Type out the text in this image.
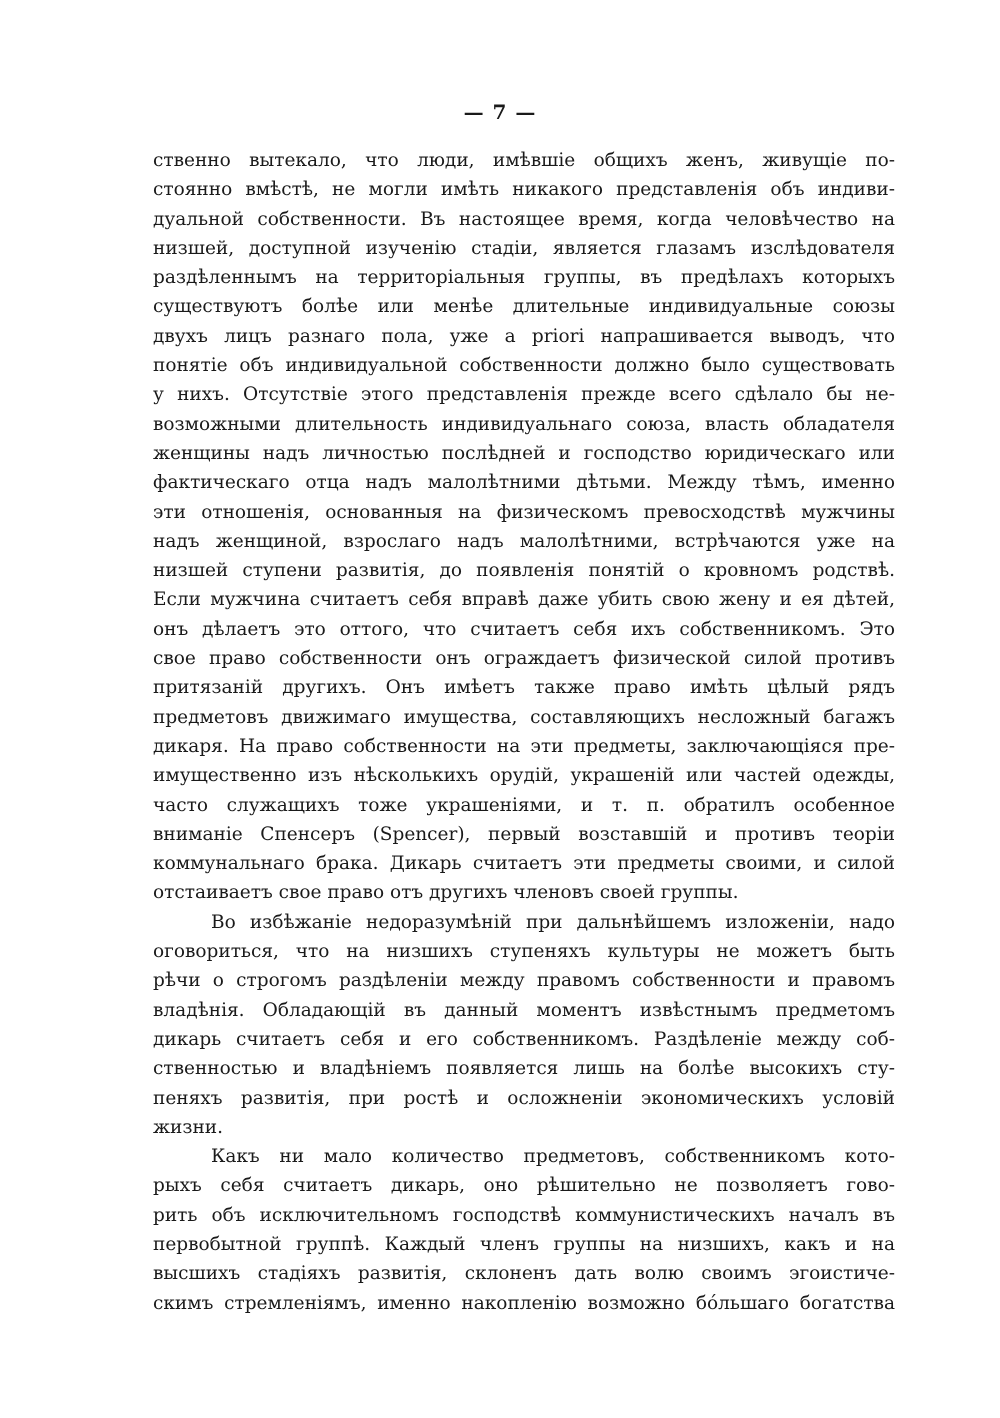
— 7 —
ственно вытекало, что люди, имѣвшіе общихъ женъ, живущіе по-
стоянно вмѣстѣ, не могли имѣть никакого представленія объ индиви-
дуальной собственности. Въ настоящее время, когда человѣчество на
низшей, доступной изученію стадіи, является глазамъ изслѣдователя
раздѣленнымъ на территоріальныя группы, въ предѣлахъ которыхъ
существуютъ болѣе или менѣе длительные индивидуальные союзы
двухъ лицъ разнаго пола, уже a priori напрашивается выводъ, что
понятіе объ индивидуальной собственности должно было существовать
у нихъ. Отсутствіе этого представленія прежде всего сдѣлало бы не-
возможными длительность индивидуальнаго союза, власть обладателя
женщины надъ личностью послѣдней и господство юридическаго или
фактическаго отца надъ малолѣтними дѣтьми. Между тѣмъ, именно
эти отношенія, основанныя на физическомъ превосходствѣ мужчины
надъ женщиной, взрослаго надъ малолѣтними, встрѣчаются уже на
низшей ступени развитія, до появленія понятій о кровномъ родствѣ.
Если мужчина считаетъ себя вправѣ даже убить свою жену и ея дѣтей,
онъ дѣлаетъ это оттого, что считаетъ себя ихъ собственникомъ. Это
свое право собственности онъ ограждаетъ физической силой противъ
притязаній другихъ. Онъ имѣетъ также право имѣть цѣлый рядъ
предметовъ движимаго имущества, составляющихъ несложный багажъ
дикаря. На право собственности на эти предметы, заключающіяся пре-
имущественно изъ нѣсколькихъ орудій, украшеній или частей одежды,
часто служащихъ тоже украшеніями, и т. п. обратилъ особенное
вниманіе Спенсеръ (Spencer), первый возставшій и противъ теоріи
коммунальнаго брака. Дикарь считаетъ эти предметы своими, и силой
отстаиваетъ свое право отъ другихъ членовъ своей группы.
Во избѣжаніе недоразумѣній при дальнѣйшемъ изложеніи, надо
оговориться, что на низшихъ ступеняхъ культуры не можетъ быть
рѣчи о строгомъ раздѣленіи между правомъ собственности и правомъ
владѣнія. Обладающій въ данный моментъ извѣстнымъ предметомъ
дикарь считаетъ себя и его собственникомъ. Раздѣленіе между соб-
ственностью и владѣніемъ появляется лишь на болѣе высокихъ сту-
пеняхъ развитія, при ростѣ и осложненіи экономическихъ условій
жизни.
Какъ ни мало количество предметовъ, собственникомъ кото-
рыхъ себя считаетъ дикарь, оно рѣшительно не позволяетъ гово-
рить объ исключительномъ господствѣ коммунистическихъ началъ въ
первобытной группѣ. Каждый членъ группы на низшихъ, какъ и на
высшихъ стадіяхъ развитія, склоненъ дать волю своимъ эгоистиче-
скимъ стремленіямъ, именно накопленію возможно бо́льшаго богатства
